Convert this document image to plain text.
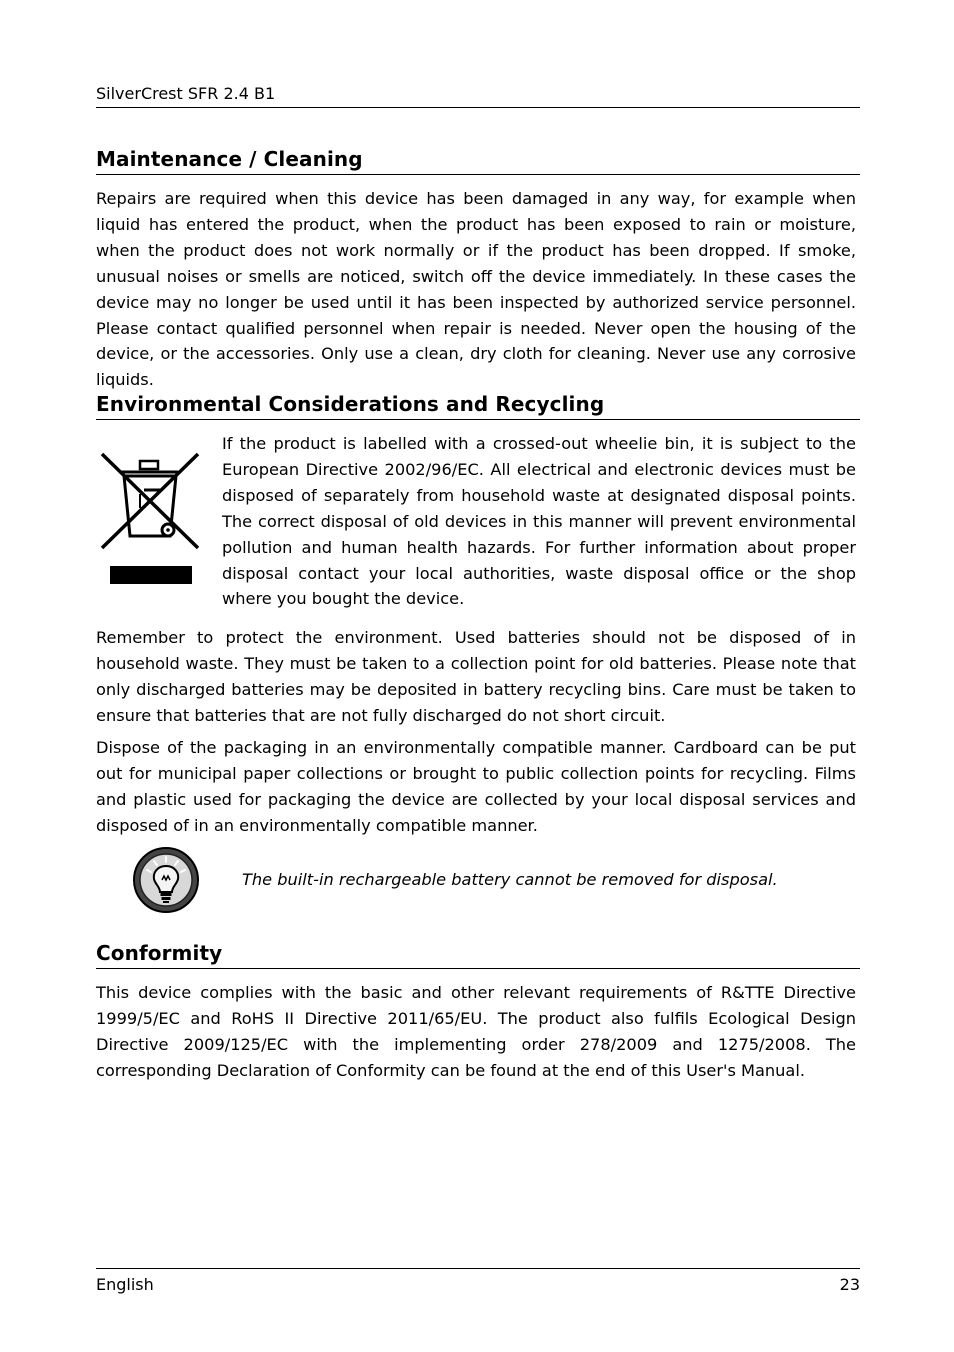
SilverCrest SFR 2.4 B1
Maintenance / Cleaning

Repairs are required when this device has been damaged in any way, for example when liquid has entered the product, when the product has been exposed to rain or moisture, when the product does not work normally or if the product has been dropped. If smoke, unusual noises or smells are noticed, switch off the device immediately. In these cases the device may no longer be used until it has been inspected by authorized service personnel. Please contact qualified personnel when repair is needed. Never open the housing of the device, or the accessories. Only use a clean, dry cloth for cleaning. Never use any corrosive liquids.

Environmental Considerations and Recycling

If the product is labelled with a crossed-out wheelie bin, it is subject to the European Directive 2002/96/EC. All electrical and electronic devices must be disposed of separately from household waste at designated disposal points. The correct disposal of old devices in this manner will prevent environmental pollution and human health hazards. For further information about proper disposal contact your local authorities, waste disposal office or the shop where you bought the device.

Remember to protect the environment. Used batteries should not be disposed of in household waste. They must be taken to a collection point for old batteries. Please note that only discharged batteries may be deposited in battery recycling bins. Care must be taken to ensure that batteries that are not fully discharged do not short circuit.

Dispose of the packaging in an environmentally compatible manner. Cardboard can be put out for municipal paper collections or brought to public collection points for recycling. Films and plastic used for packaging the device are collected by your local disposal services and disposed of in an environmentally compatible manner.

The built-in rechargeable battery cannot be removed for disposal.
Conformity

This device complies with the basic and other relevant requirements of R&TTE Directive 1999/5/EC and RoHS II Directive 2011/65/EU. The product also fulfils Ecological Design Directive 2009/125/EC with the implementing order 278/2009 and 1275/2008. The corresponding Declaration of Conformity can be found at the end of this User's Manual.

English	23
